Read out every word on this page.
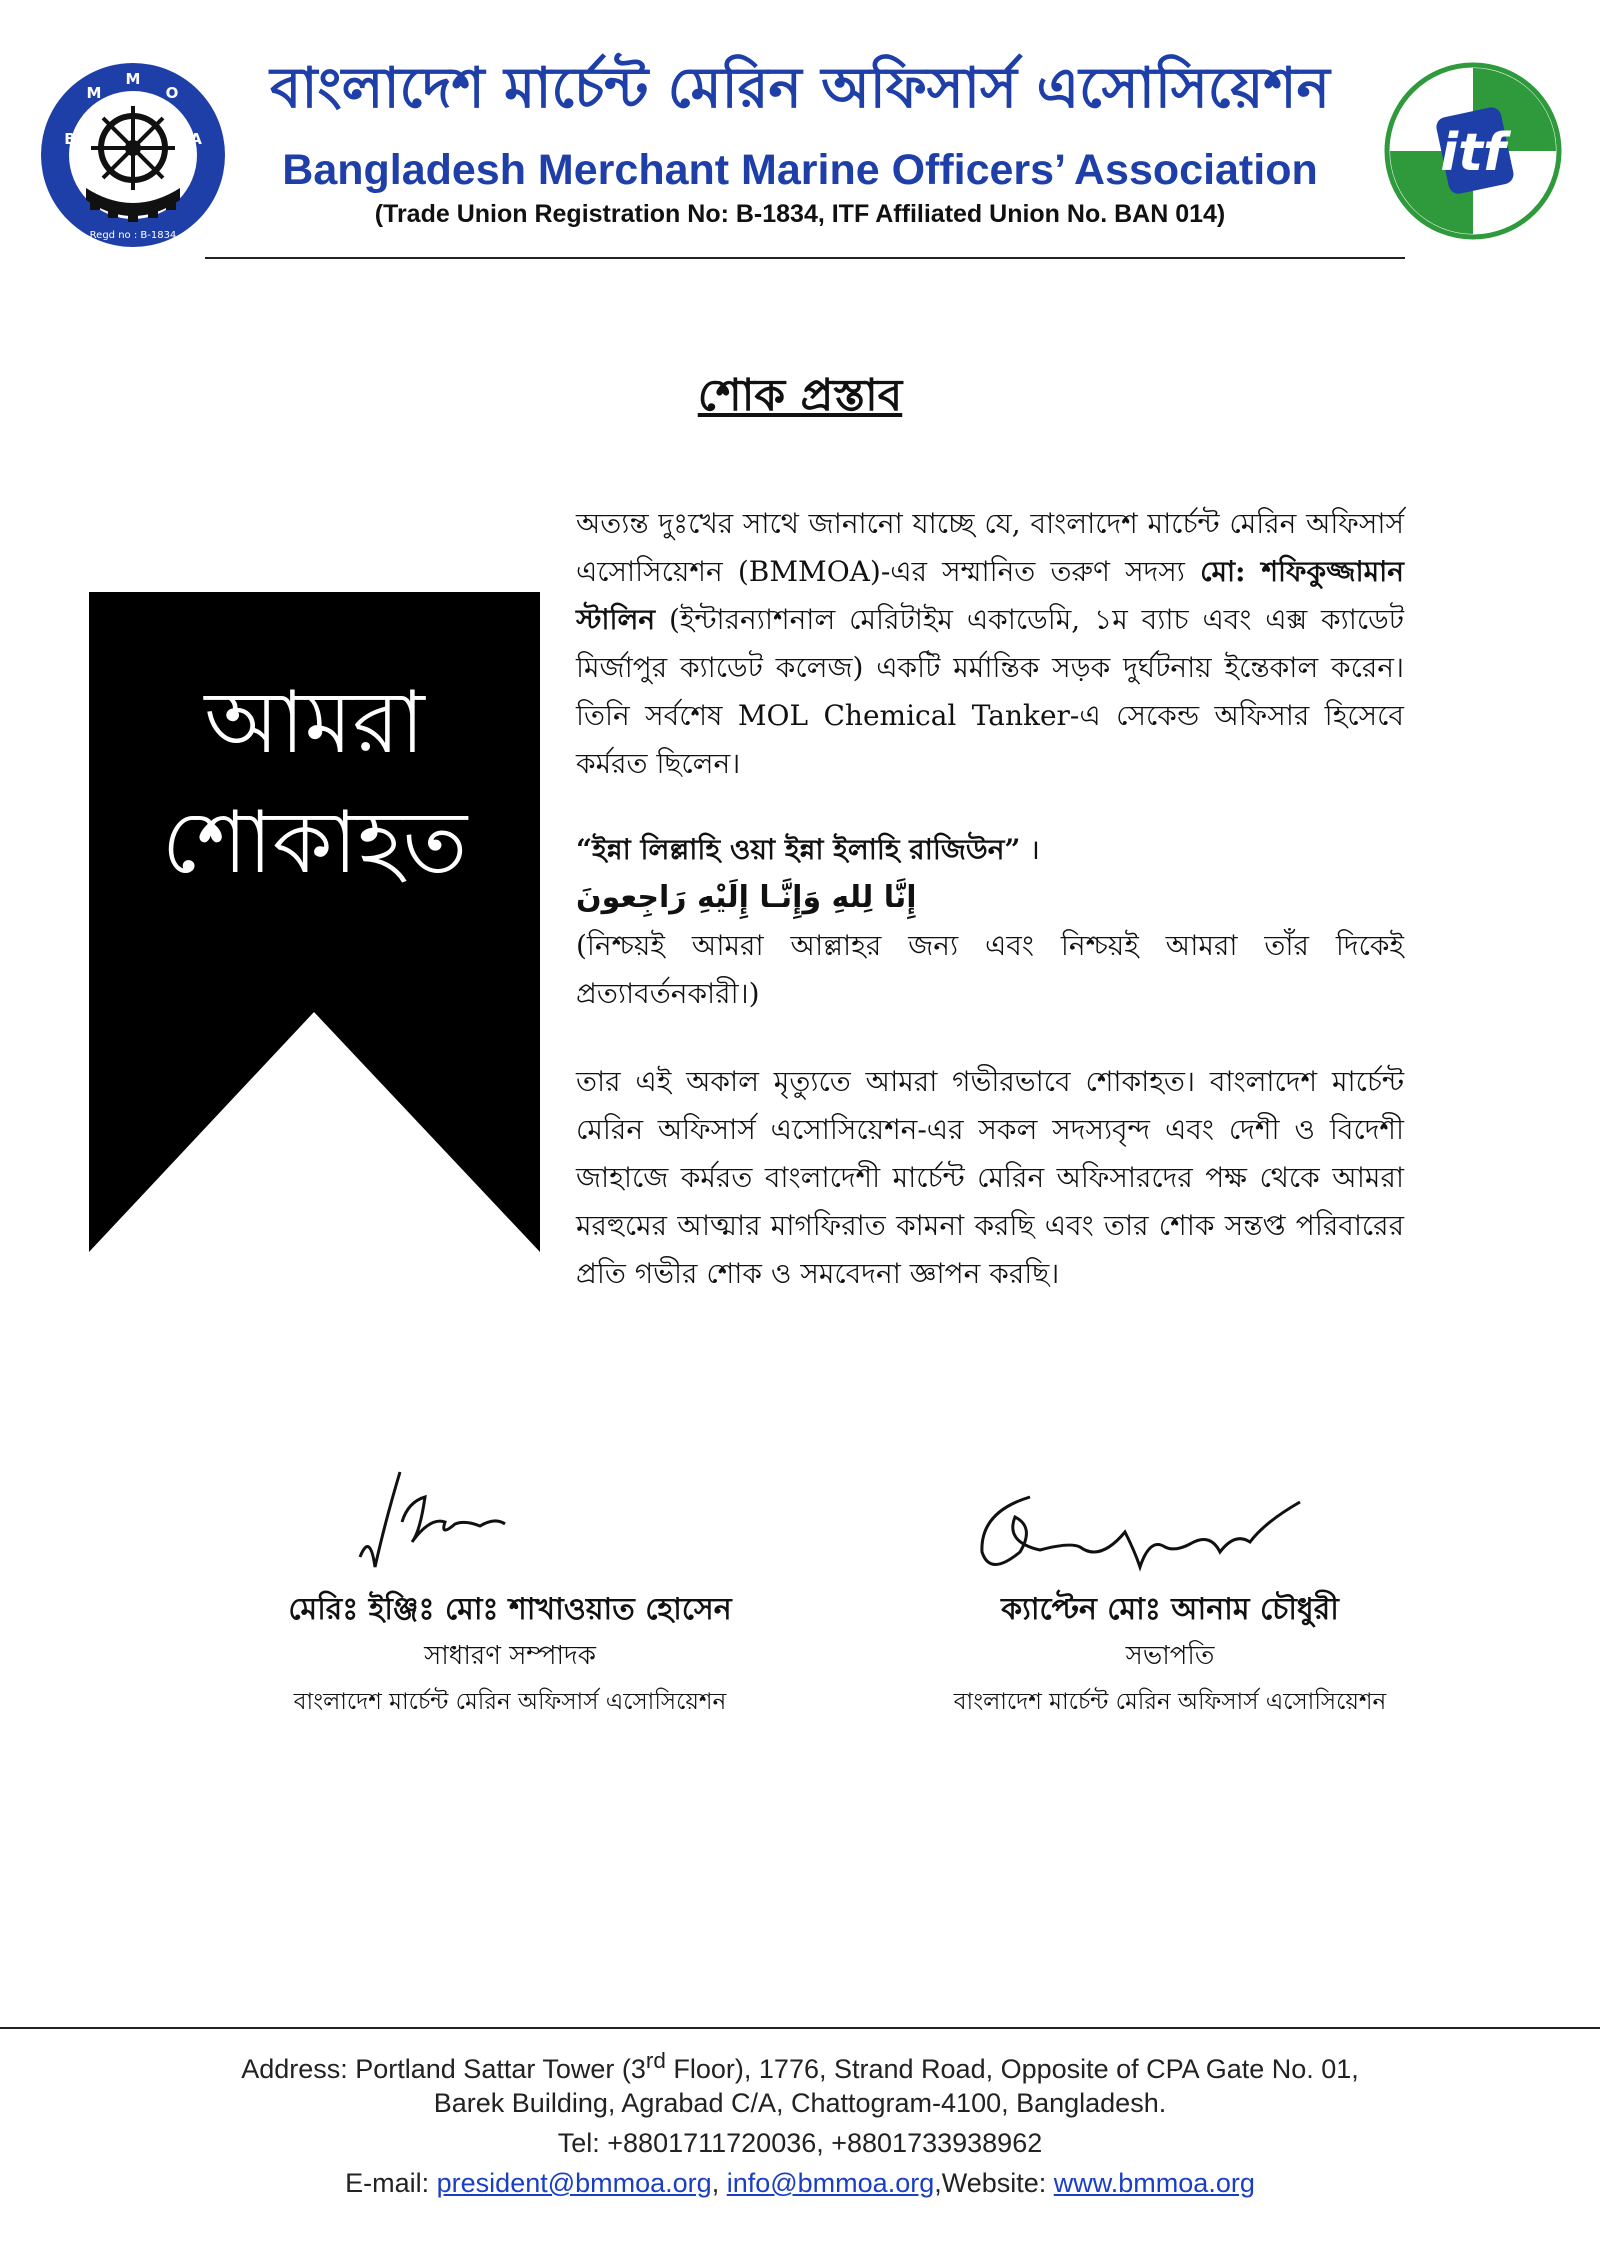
B
M
M
O
A
Regd no : B-1834
বাংলাদেশ মার্চেন্ট মেরিন অফিসার্স এসোসিয়েশন
Bangladesh Merchant Marine Officers’ Association
(Trade Union Registration No: B-1834, ITF Affiliated Union No. BAN 014)
itf
শোক প্রস্তাব
আমরা
শোকাহত
অত্যন্ত দুঃখের সাথে জানানো যাচ্ছে যে, বাংলাদেশ মার্চেন্ট মেরিন অফিসার্স এসোসিয়েশন (BMMOA)-এর সম্মানিত তরুণ সদস্য মো: শফিকুজ্জামান স্টালিন (ইন্টারন্যাশনাল মেরিটাইম একাডেমি, ১ম ব্যাচ এবং এক্স ক্যাডেট মির্জাপুর ক্যাডেট কলেজ) একটি মর্মান্তিক সড়ক দুর্ঘটনায় ইন্তেকাল করেন। তিনি সর্বশেষ MOL Chemical Tanker-এ সেকেন্ড অফিসার হিসেবে কর্মরত ছিলেন।
“ইন্না লিল্লাহি ওয়া ইন্না ইলাহি রাজিউন” ।
إِنَّا لِلهِ وَإِنَّـا إِلَيْهِ رَاجِعونَ
(নিশ্চয়ই আমরা আল্লাহর জন্য এবং নিশ্চয়ই আমরা তাঁর দিকেই প্রত্যাবর্তনকারী।)
তার এই অকাল মৃত্যুতে আমরা গভীরভাবে শোকাহত। বাংলাদেশ মার্চেন্ট মেরিন অফিসার্স এসোসিয়েশন-এর সকল সদস্যবৃন্দ এবং দেশী ও বিদেশী জাহাজে কর্মরত বাংলাদেশী মার্চেন্ট মেরিন অফিসারদের পক্ষ থেকে আমরা মরহুমের আত্মার মাগফিরাত কামনা করছি এবং তার শোক সন্তপ্ত পরিবারের প্রতি গভীর শোক ও সমবেদনা জ্ঞাপন করছি।
মেরিঃ ইঞ্জিঃ মোঃ শাখাওয়াত হোসেন
সাধারণ সম্পাদক
বাংলাদেশ মার্চেন্ট মেরিন অফিসার্স এসোসিয়েশন
ক্যাপ্টেন মোঃ আনাম চৌধুরী
সভাপতি
বাংলাদেশ মার্চেন্ট মেরিন অফিসার্স এসোসিয়েশন
Address: Portland Sattar Tower (3rd Floor), 1776, Strand Road, Opposite of CPA Gate No. 01,
Barek Building, Agrabad C/A, Chattogram-4100, Bangladesh.
Tel: +8801711720036, +8801733938962
E-mail: president@bmmoa.org, info@bmmoa.org,Website: www.bmmoa.org
